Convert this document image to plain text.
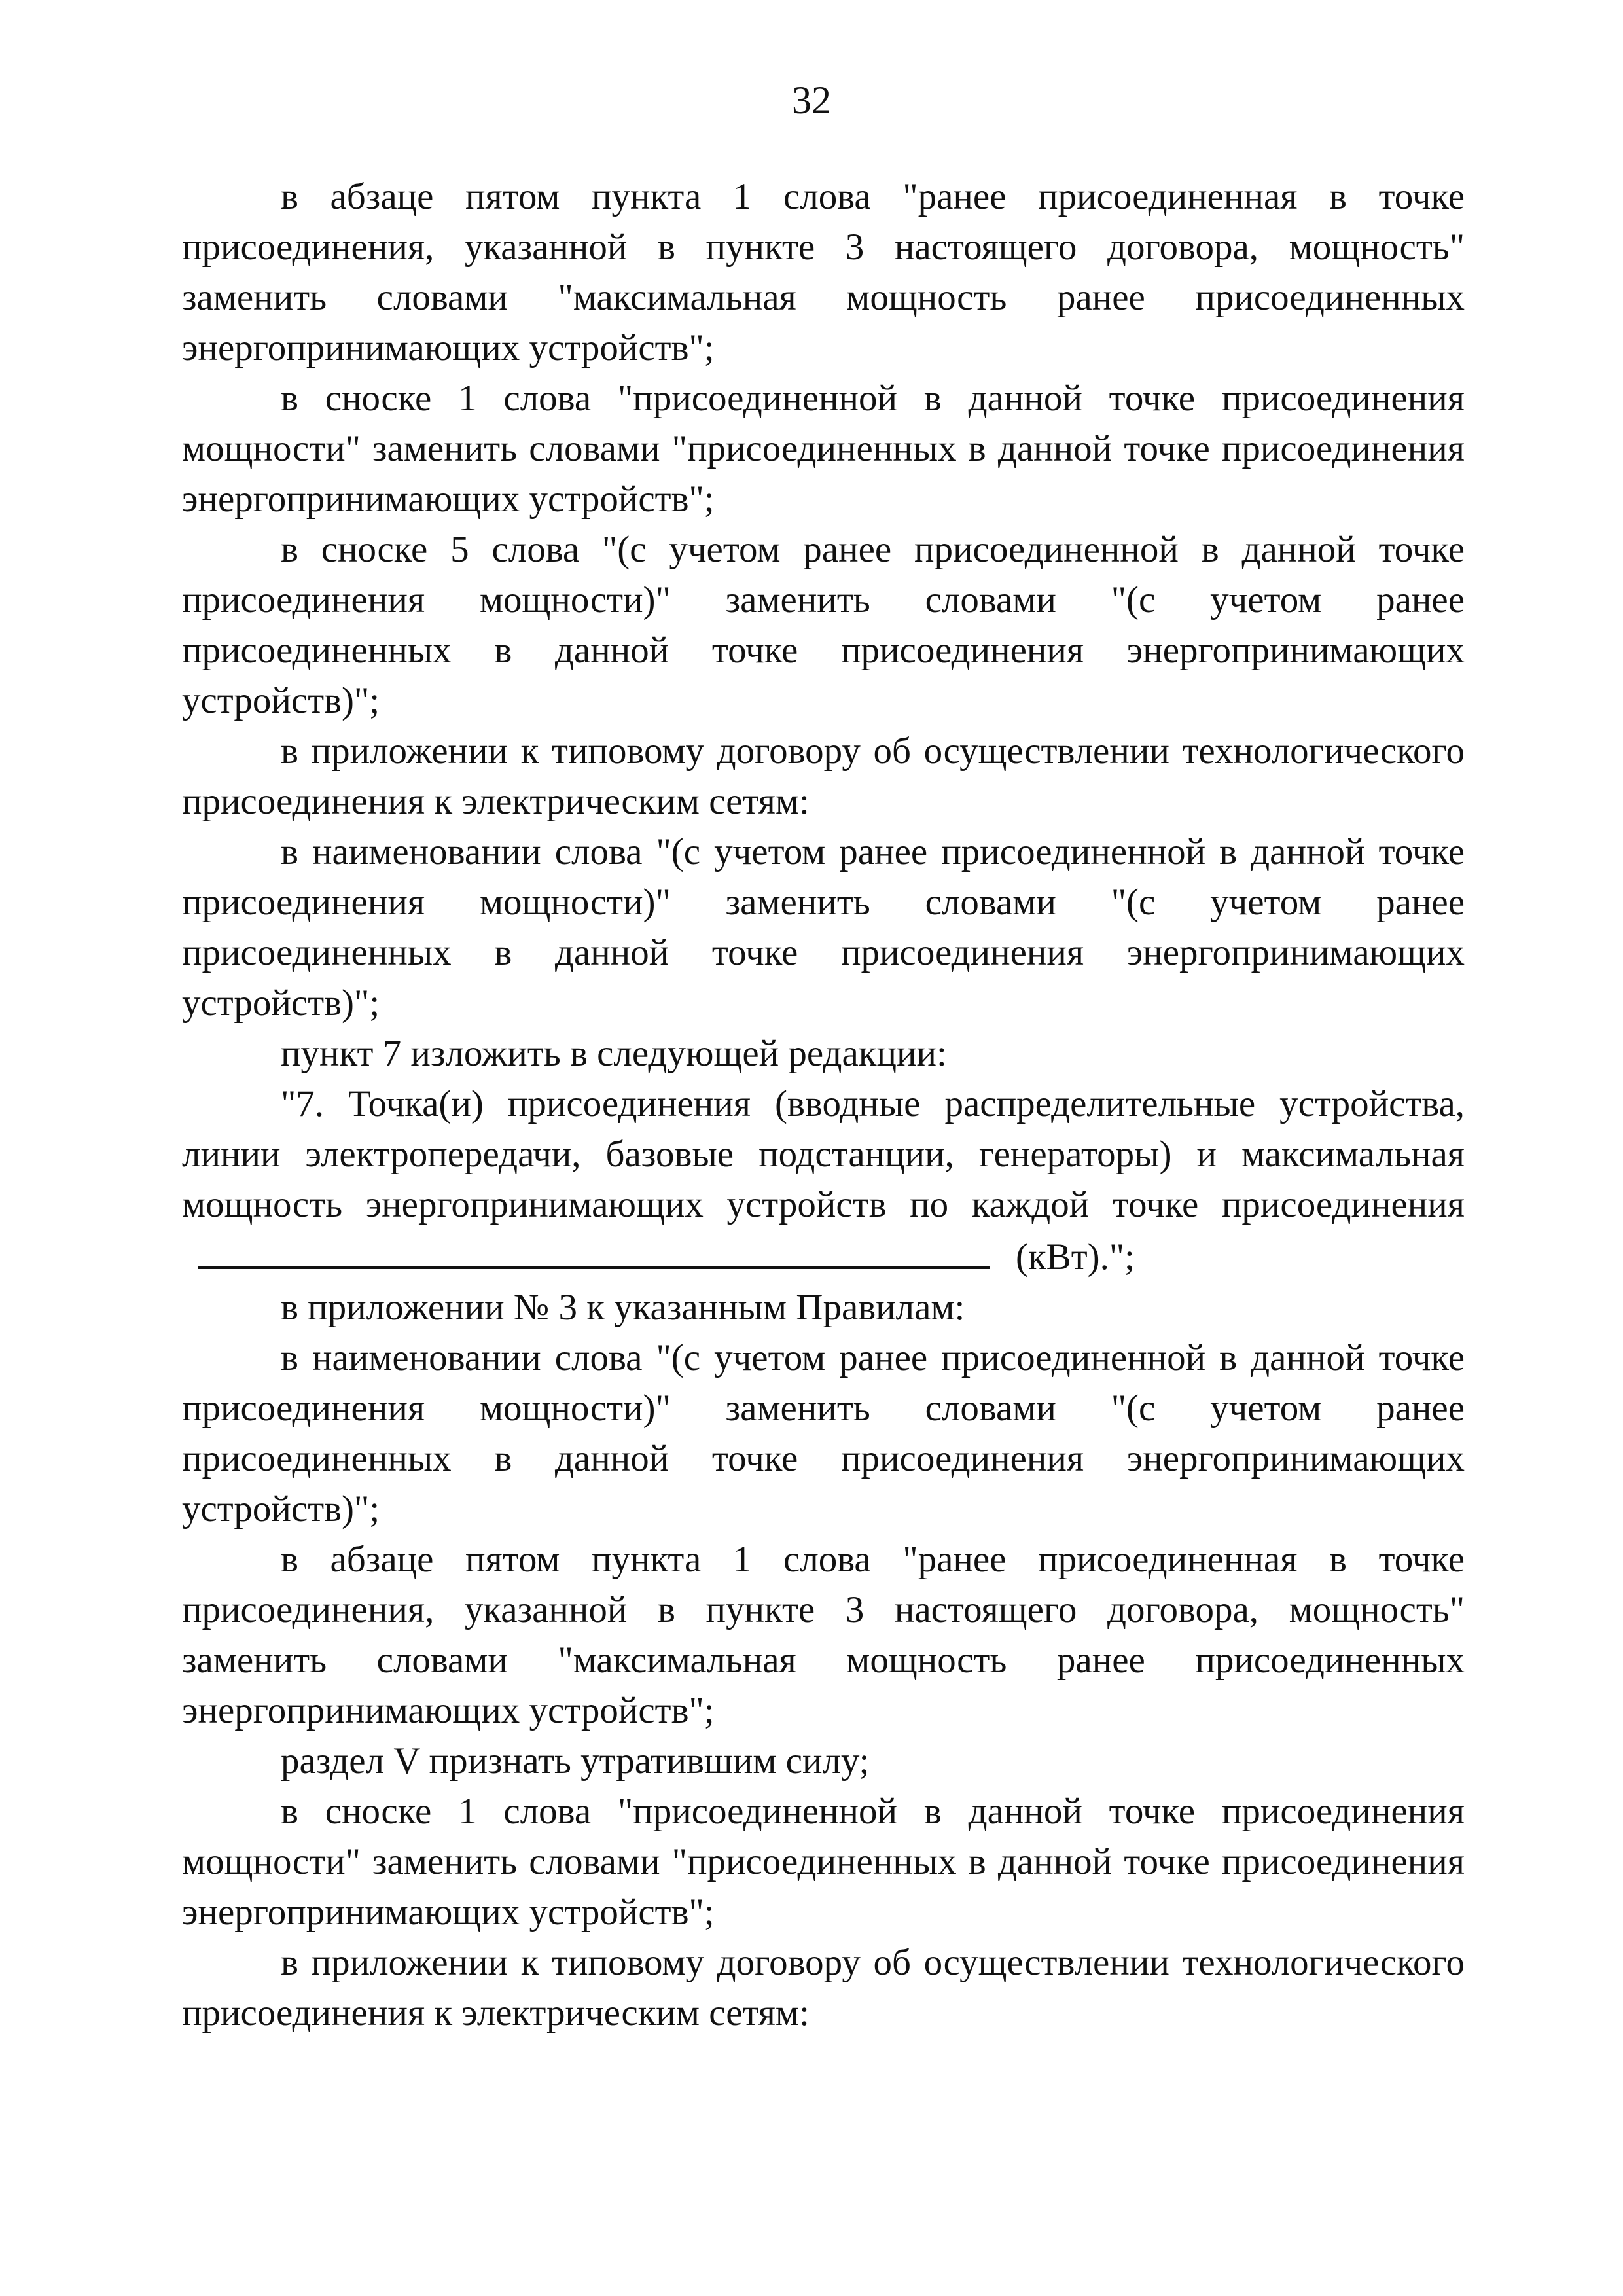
32

в абзаце пятом пункта 1 слова "ранее присоединенная в точке присоединения, указанной в пункте 3 настоящего договора, мощность" заменить словами "максимальная мощность ранее присоединенных энергопринимающих устройств";

в сноске 1 слова "присоединенной в данной точке присоединения мощности" заменить словами "присоединенных в данной точке присоединения энергопринимающих устройств";

в сноске 5 слова "(с учетом ранее присоединенной в данной точке присоединения мощности)" заменить словами "(с учетом ранее присоединенных в данной точке присоединения энергопринимающих устройств)";

в приложении к типовому договору об осуществлении технологического присоединения к электрическим сетям:

в наименовании слова "(с учетом ранее присоединенной в данной точке присоединения мощности)" заменить словами "(с учетом ранее присоединенных в данной точке присоединения энергопринимающих устройств)";

пункт 7 изложить в следующей редакции:

"7. Точка(и) присоединения (вводные распределительные устройства, линии электропередачи, базовые подстанции, генераторы) и максимальная мощность энергопринимающих устройств по каждой точке присоединения(кВт).";

в приложении № 3 к указанным Правилам:

в наименовании слова "(с учетом ранее присоединенной в данной точке присоединения мощности)" заменить словами "(с учетом ранее присоединенных в данной точке присоединения энергопринимающих устройств)";

в абзаце пятом пункта 1 слова "ранее присоединенная в точке присоединения, указанной в пункте 3 настоящего договора, мощность" заменить словами "максимальная мощность ранее присоединенных энергопринимающих устройств";

раздел V признать утратившим силу;

в сноске 1 слова "присоединенной в данной точке присоединения мощности" заменить словами "присоединенных в данной точке присоединения энергопринимающих устройств";

в приложении к типовому договору об осуществлении технологического присоединения к электрическим сетям:
